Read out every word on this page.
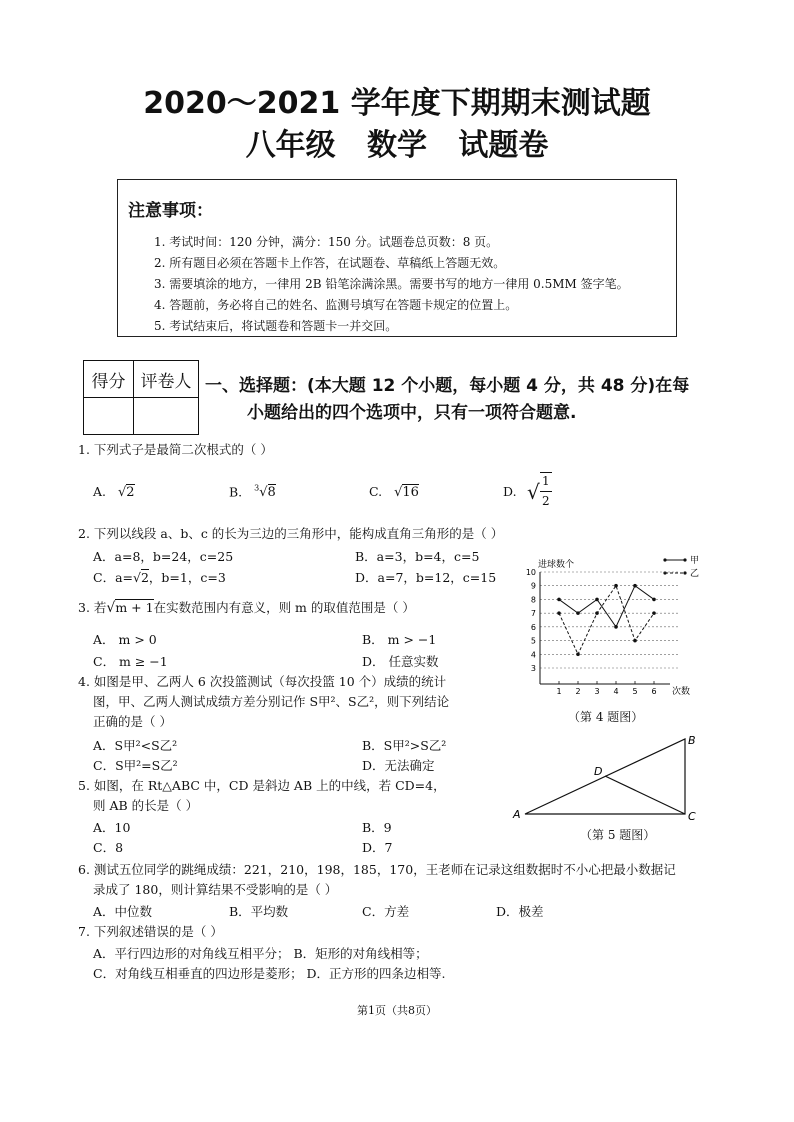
2020～2021 学年度下期期末测试题
八年级   数学   试题卷
注意事项：
1. 考试时间：120 分钟，满分：150 分。试题卷总页数：8 页。
2. 所有题目必须在答题卡上作答，在试题卷、草稿纸上答题无效。
3. 需要填涂的地方，一律用 2B 铅笔涂满涂黑。需要书写的地方一律用 0.5MM 签字笔。
4. 答题前，务必将自己的姓名、监测号填写在答题卡规定的位置上。
5. 考试结束后，将试题卷和答题卡一并交回。
得分	评卷人
	一、选择题：(本大题 12 个小题，每小题 4 分，共 48 分)在每
小题给出的四个选项中，只有一项符合题意.
1. 下列式子是最简二次根式的（ ）
A. √2	B. $^3$√8	C. √16	D. √ 1
2
2. 下列以线段 a、b、c 的长为三边的三角形中，能构成直角三角形的是（ ）
A．a=8，b=24，c=25	B．a=3，b=4，c=5
C．a=√2，b=1，c=3	D．a=7，b=12，c=15
3. 若√m + 1在实数范围内有意义，则 m 的取值范围是（ ）
A． m > 0	B． m > −1
C． m ≥ −1	D． 任意实数
4. 如图是甲、乙两人 6 次投篮测试（每次投篮 10 个）成绩的统计
图，甲、乙两人测试成绩方差分别记作 S甲²、S乙²，则下列结论
正确的是（ ）
A．S甲²<S乙²	B．S甲²>S乙²
C．S甲²=S乙²	D．无法确定
进球数个	甲
乙
3
4
5
6
7
8
9
10
1 2 3 4 5 6 次数
（第 4 题图）
5. 如图，在 Rt△ABC 中，CD 是斜边 AB 上的中线，若 CD=4，
则 AB 的长是（ ）
A．10	B．9
C．8	D．7
A
B
C
D
（第 5 题图）
6. 测试五位同学的跳绳成绩：221，210，198，185，170，王老师在记录这组数据时不小心把最小数据记
录成了 180，则计算结果不受影响的是（ ）
A．中位数	B．平均数	C．方差	D．极差
7. 下列叙述错误的是（ ）
A．平行四边形的对角线互相平分； B．矩形的对角线相等；
C．对角线互相垂直的四边形是菱形； D．正方形的四条边相等.
第1页（共8页）
